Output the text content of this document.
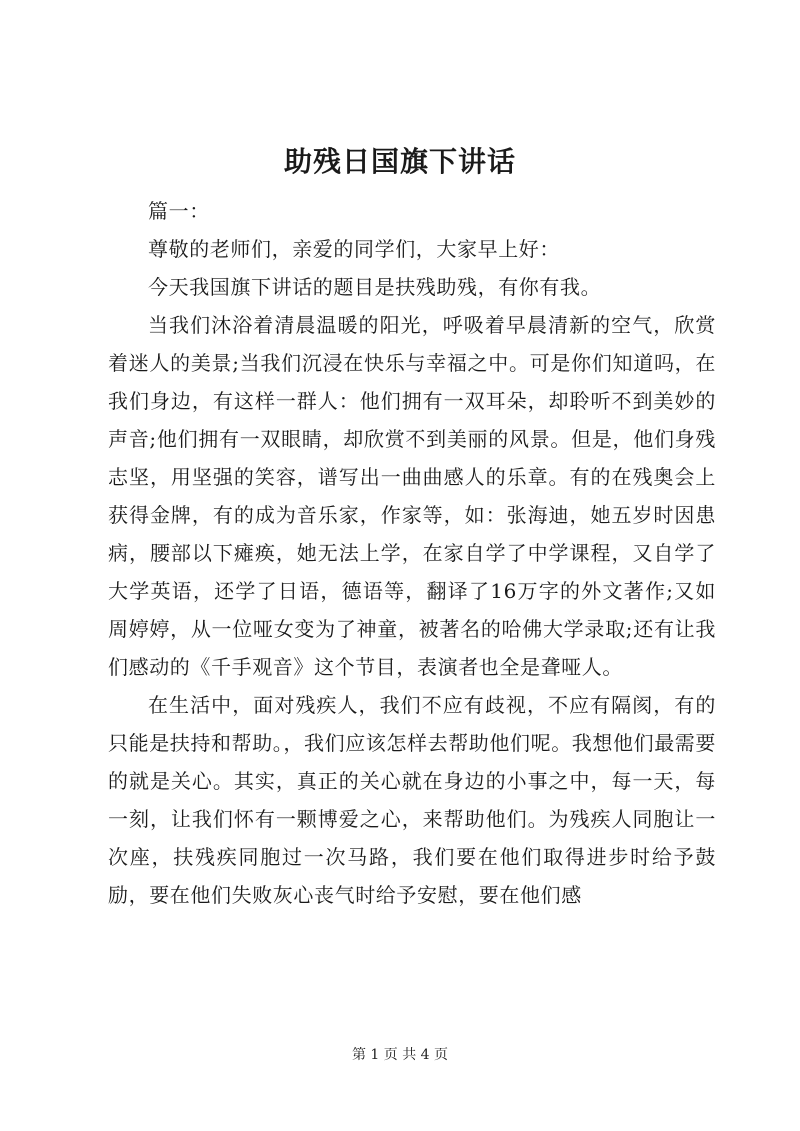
助残日国旗下讲话

篇一：

尊敬的老师们，亲爱的同学们，大家早上好：

今天我国旗下讲话的题目是扶残助残，有你有我。

当我们沐浴着清晨温暖的阳光，呼吸着早晨清新的空气，欣赏着迷人的美景;当我们沉浸在快乐与幸福之中。可是你们知道吗，在我们身边，有这样一群人：他们拥有一双耳朵，却聆听不到美妙的声音;他们拥有一双眼睛，却欣赏不到美丽的风景。但是，他们身残志坚，用坚强的笑容，谱写出一曲曲感人的乐章。有的在残奥会上获得金牌，有的成为音乐家，作家等，如：张海迪，她五岁时因患病，腰部以下瘫痪，她无法上学，在家自学了中学课程，又自学了大学英语，还学了日语，德语等，翻译了16万字的外文著作;又如周婷婷，从一位哑女变为了神童，被著名的哈佛大学录取;还有让我们感动的《千手观音》这个节目，表演者也全是聋哑人。

在生活中，面对残疾人，我们不应有歧视，不应有隔阂，有的只能是扶持和帮助。，我们应该怎样去帮助他们呢。我想他们最需要的就是关心。其实，真正的关心就在身边的小事之中，每一天，每一刻，让我们怀有一颗博爱之心，来帮助他们。为残疾人同胞让一次座，扶残疾同胞过一次马路，我们要在他们取得进步时给予鼓励，要在他们失败灰心丧气时给予安慰，要在他们感

第 1 页 共 4 页
